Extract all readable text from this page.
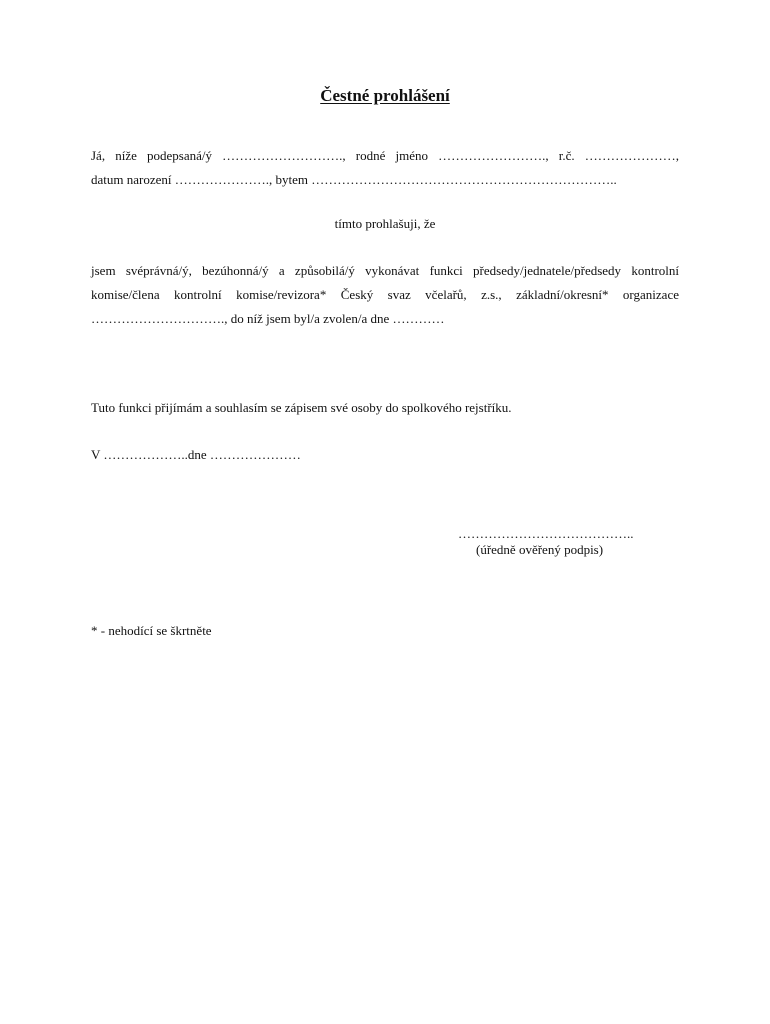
Čestné prohlášení
Já, níže podepsaná/ý ………………………., rodné jméno ……………………., r.č. …………………,
datum narození …………………., bytem ……………………………………………………………..
tímto prohlašuji, že
jsem svéprávná/ý, bezúhonná/ý a způsobilá/ý vykonávat funkci předsedy/jednatele/předsedy kontrolní
komise/člena kontrolní komise/revizora* Český svaz včelařů, z.s., základní/okresní* organizace
…………………………., do níž jsem byl/a zvolen/a dne …………
Tuto funkci přijímám a souhlasím se zápisem své osoby do spolkového rejstříku.
V ………………..dne …………………
…………………………………..
(úředně ověřený podpis)
* - nehodící se škrtněte
